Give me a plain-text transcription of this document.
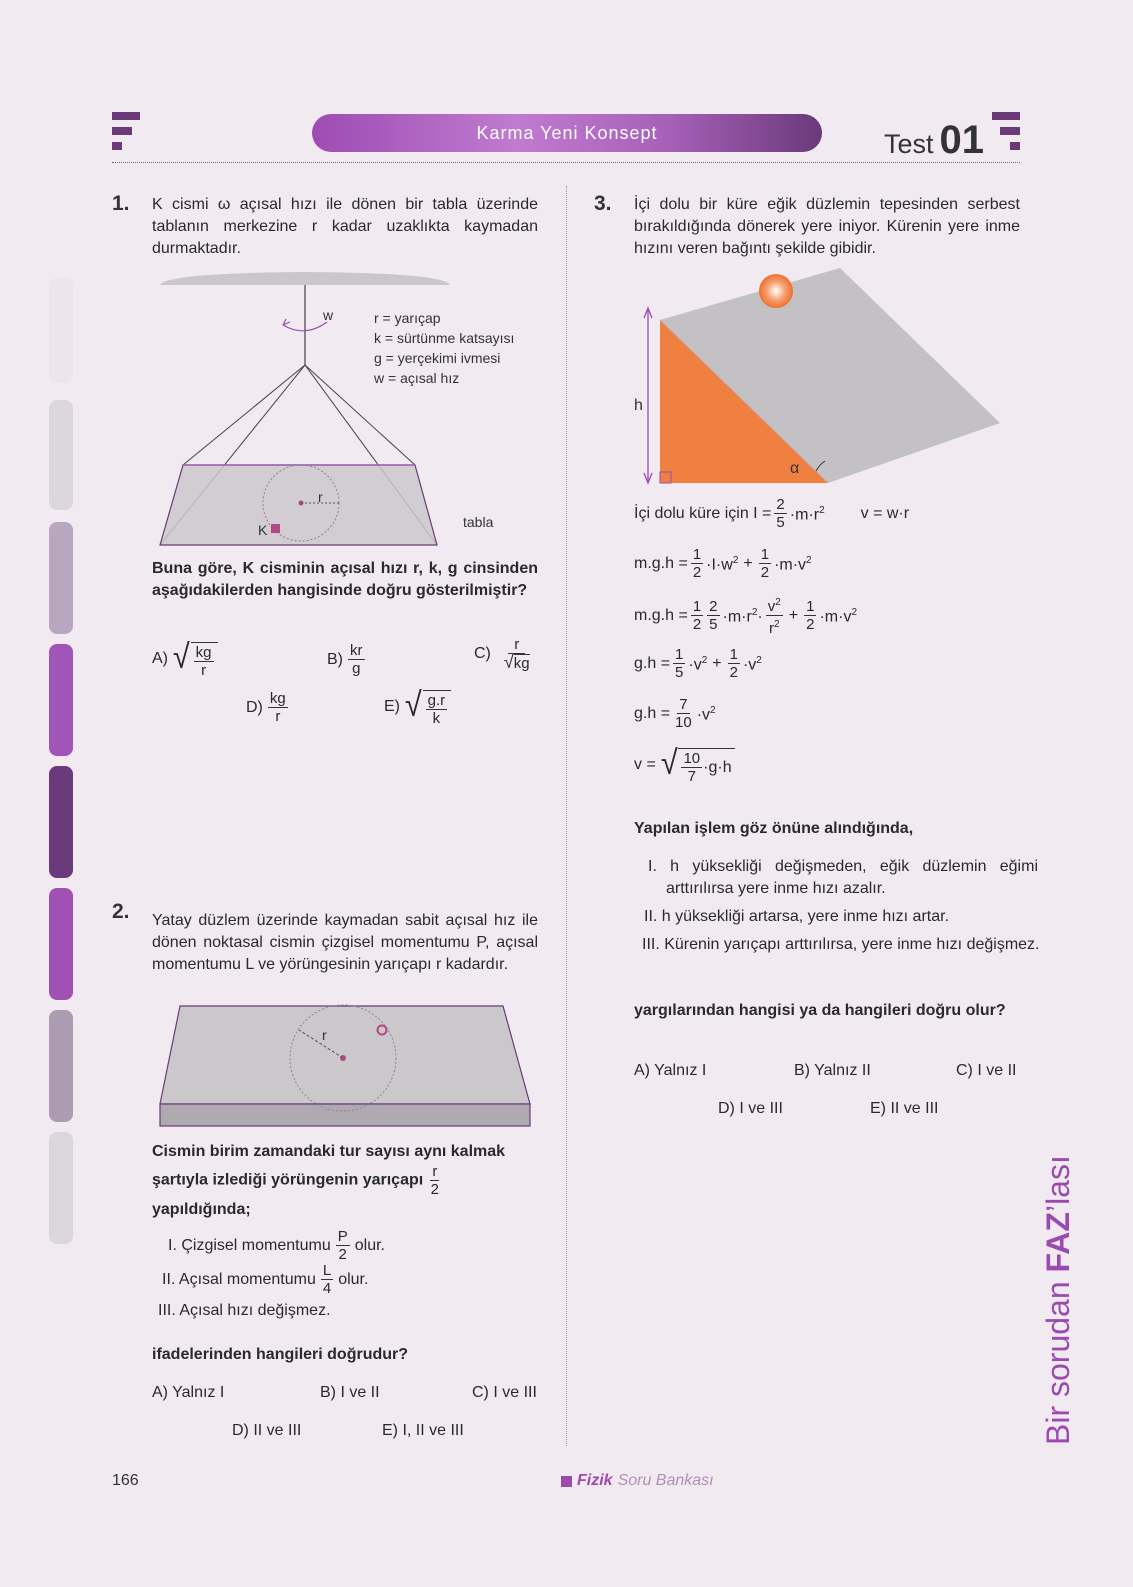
Karma Yeni Konsept	Test 01
1. K cismi ω açısal hızı ile dönen bir tabla üzerinde tablanın merkezine r kadar uzaklıkta kaymadan durmaktadır.
w
r
K	tabla
r = yarıçap
k = sürtünme katsayısı
g = yerçekimi ivmesi
w = açısal hız
Buna göre, K cisminin açısal hızı r, k, g cinsinden aşağıdakilerden hangisinde doğru gösterilmiştir?
A) √ $\frac{kg}{r}$	$B) \frac{kr}{g}$	$C) \frac{r}{√ kg}$
$D) \frac{kg}{r}$	E) √ $\frac{g.r}{k}$
2. Yatay düzlem üzerinde kaymadan sabit açısal hız ile dönen noktasal cismin çizgisel momentumu P, açısal momentumu L ve yörüngesinin yarıçapı r kadardır.
r
Cismin birim zamandaki tur sayısı aynı kalmak şartıyla izlediği yörüngenin yarıçapı $\frac{r}{2}$
yapıldığında;
I. Çizgisel momentumu $\frac{P}{2}$ olur.
II. Açısal momentumu $\frac{L}{4}$ olur.
III. Açısal hızı değişmez.
ifadelerinden hangileri doğrudur?
A) Yalnız I	B) I ve II	C) I ve III
D) II ve III	E) I, II ve III
3. İçi dolu bir küre eğik düzlemin tepesinden serbest bırakıldığında dönerek yere iniyor. Kürenin yere inme hızını veren bağıntı şekilde gibidir.
h
α
İçi dolu küre için $I = \frac{2}{5} \cdot m\cdot r^2$ v = w·r
$m.g.h = \frac{1}{2} \cdot I\cdot w^2 + \frac{1}{2} \cdot m\cdot v^2$
$m.g.h = \frac{1}{2} \frac{2}{5} \cdot m\cdot r^2\cdot \frac{v^2}{r^2} + \frac{1}{2} \cdot m\cdot v^2$
$g.h = \frac{1}{5} \cdot v^2 + \frac{1}{2} \cdot v^2$
$g.h = \frac{7}{10} \cdot v^2$
v = √ $\frac{10}{7} \cdot g\cdot h$
Yapılan işlem göz önüne alındığında,
I. h yüksekliği değişmeden, eğik düzlemin eğimi arttırılırsa yere inme hızı azalır.
II. h yüksekliği artarsa, yere inme hızı artar.
III. Kürenin yarıçapı arttırılırsa, yere inme hızı değişmez.
yargılarından hangisi ya da hangileri doğru olur?
A) Yalnız I	B) Yalnız II	C) I ve II
D) I ve III	E) II ve III
Bir sorudan FAZ’lası
166	Fizik Soru Bankası
